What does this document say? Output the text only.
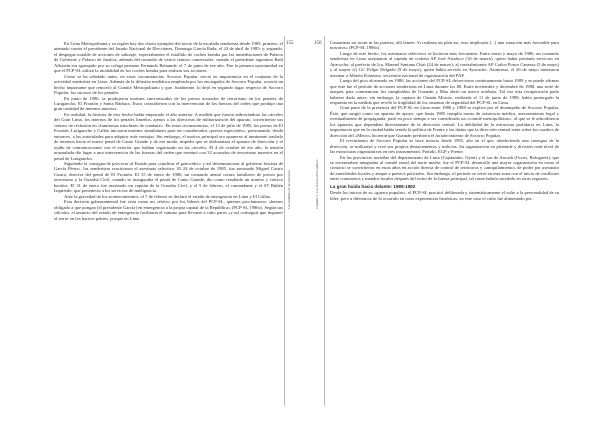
155
Las ciudades de la violencia

En Lima Metropolitana y su región hay dos claros ejemplos del inicio de la escalada senderista desde 1985: primero, el atentado contra el presidente del Jurado Nacional de Elecciones, Domingo García Rada, el 24 de abril de 1985; y, segundo, el despegue notable de acciones de sabotaje, especialmente el estallido de coches bomba por las inmediaciones de Palacio de Gobierno y Palacio de Justicia, además del incendio de varios centros comerciales, cuando el presidente argentino Raúl Alfonsín era agasajado por su colega peruano Fernando Belaunde, el 7 de junio de ese año. Fue la primera oportunidad en que el PCP-SL utilizó la modalidad de los coches bomba para realizar sus acciones.

Como se ha señalado antes, en estas circunstancias, Socorro Popular creció en importancia en el conjunto de la actividad senderista en Lima. Además de la difusión mediática empleada por los encargados de Socorro Popular, ocurrió un hecho importante que removió al Comité Metropolitano y que, finalmente, lo dejó en segundo lugar respecto de Socorro Popular: los sucesos de los penales.

En junio de 1986, se produjeron motines sincronizados de los presos acusados de terrorismo en los penales de Lurigancho, El Frontón y Santa Bárbara. Estos coincidieron con la intervención de las fuerzas del orden que produjo una gran cantidad de internos muertos.

En realidad, la historia de este hecho había empezado el año anterior. A medida que fueron atiborrándose las cárceles del Gran Lima, los internos de los penales limeños, ajenos a las directivas de militarización del aparato, convirtieron sus centros de reclusión en «luminosas trincheras de combate». En estas circunstancias, el 13 de julio de 1985, los presos de El Frontón, Lurigancho y Callao iniciaron motines simultáneos para ser considerados «presos especiales», presionando, desde entonces, a las autoridades para adquirir más ventajas. Sin embargo, el motivo principal era oponerse al inminente traslado de internos hacia el nuevo penal de Canto Grande y de ese modo, impedir que se desbaratara el aparato de dirección y el tejido de comunicaciones con el exterior que habían organizado en las cárceles. El 4 de octubre de ese año, la tensión acumulada dio lugar a una intervención de las fuerzas del orden que terminó con 32 acusados de terrorismo muertos en el penal de Lurigancho.

Siguiendo la consigna de provocar al Estado para «sindicar el genocidio» y así desenmascarar al gobierno fascista de García Pérez», las senderistas reactivaron el asesinato selectivo. El 24 de octubre de 1985, fue asesinado Miguel Castro Castro, director del penal de El Frontón. El 15 de enero de 1986, un comando atentó contra familiares de presos por terrorismo y la Guardia Civil, cuando se inauguraba el penal de Canto Grande, dio como resultado un muerto y catorce heridos. El 31 de enero fue asesinado un capitán de la Guardia Civil, y el 5 de febrero, el comandante y el ST Rubén Izquierdo, que pertenecía a los servicios de inteligencia.

Ante la gravedad de los acontecimientos, el 7 de febrero se declaró el estado de emergencia en Lima y El Callao.

Esta decisión gubernamental fue vista como un «éxito» por los líderes del PCP-SL, quienes proclamaron: «hemos obligado a que pongan [el presidente García] en emergencia a la propia capital de la República» (PCP-SL 1986c). Según sus cálculos, el anuncio del estado de emergencia facilitaría el camino para llevarse a cabo paros «y así conseguir que imponer el terror en los barrios pobres, porque en Lima

156
Capítulo 1. Los actores del conflicto

Casuarinas no tocan ni las puertas, allí lamen. Si realizan un plan así, esto implicaría [...] una situación más favorable para nosotros» (PCP-SL 1986c).

Luego de este hecho, los asesinatos selectivos se hicieron más frecuentes. Entre enero y mayo de 1986, un comando senderista en Lima asesinaron al capitán de corbeta AP José Alzaluco (16 de marzo), quien había prestado servicios en Ayacucho; al prefecto de Ica, Manuel Santana Chiri (24 de marzo); al contralmirante AP Carlos Ponce Canessa (5 de mayo) y al mayor (r) GC Felipe Delgado (9 de mayo), quien había servido en Ayacucho. Asimismo, el 26 de mayo intentaron asesinar a Alberto Kitazono, secretario nacional de organización del PAP.

Luego del pico alcanzado en 1986, las acciones del PCP-SL decrecieron continuamente hasta 1989 y se puede afirmar que éste fue el período de acciones senderistas en Lima durante los 80. Entre noviembre y diciembre de 1988, una serie de ataques para conmemorar los cumpleaños de Guzmán y Mao abrió un nuevo arrebato. Tal vez esta recuperación pudo haberse dado antes; sin embargo, la captura de Osmán Morote, realizada el 11 de junio de 1988, había postergado la respuesta en la medida que reveló la fragilidad de los sistemas de seguridad del PCP-SL en Lima.

Gran parte de la presencia del PCP-SL en Lima entre 1986 y 1988 se explica por el desempeño de Socorro Popular. Éste, que surgió como un aparato de apoyo, que hasta 1985 cumplía tareas de asistencia médica, asesoramiento legal y eventualmente de propaganda, pasó en poco tiempo a ser considerado un «comité metropolitano», al que se le adscribieron los aparatos que dependían directamente de la dirección central. La debilidad de la estructura partidaria en Lima, la importancia que en la ciudad había tenido la política de Frente y las dudas que la dirección central tenía sobre los cuadros de dirección del «Metro» hicieron que Guzmán prefiriera el fortalecimiento de Socorro Popular.

El crecimiento de Socorro Popular se hace notorio desde 1985, año en el que, obedeciendo una consigna de la dirección, se militarizó y creó sus propios destacamentos y milicias. Su organización en pirámide y división cada nivel de las estructuras organizativas en tres instrumentos: Partido, EGP y Frente.

En las provincias norteñas del departamento de Lima (Cajatambo, Oyón) y el sur de Ancash (Ocros, Bolognesi), que se encontraban integradas al comité zonal del norte medio, fue el PCP-SL desarrolló una mayor organización en torno al contacto se convirtieron en estos años en acción directa de control de territorios y «aniquilamiento» de poder por asesinato de autoridades locales y ataque a puestos policiales. Sin embargo, el período se cerró en esta zona con el inicio de conflictos entre comuneros y mandos locales después del retiro de la fuerza principal, tal como habría sucedido en otras regiones.

La gran huida hacia delante: 1989-1992

Desde los inicios de su «guerra popular», el PCP-SL practicó deliberada y sistemáticamente el culto a la personalidad de su líder; pero a diferencia de lo ocurrido en otras experiencias históricas, en este caso el culto fue alimentado por
